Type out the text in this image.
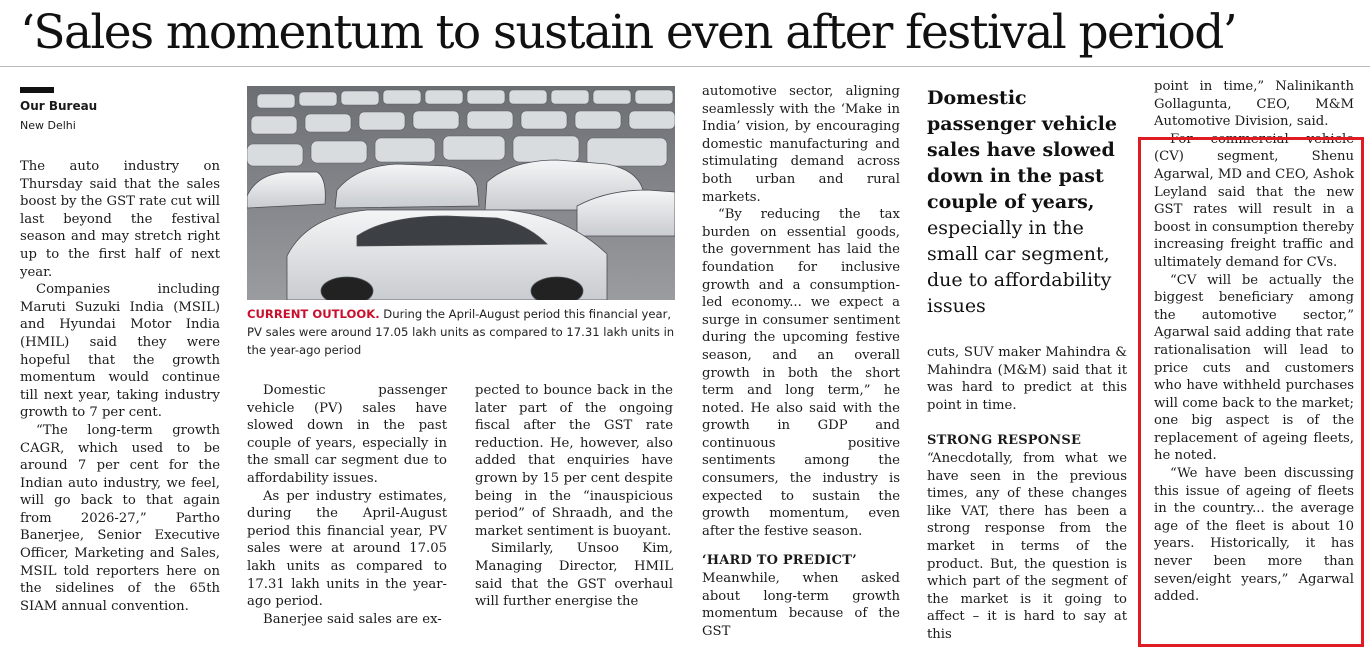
‘Sales momentum to sustain even after festival period’
Our Bureau
New Delhi

The auto industry on Thursday said that the sales boost by the GST rate cut will last beyond the festival season and may stretch right up to the first half of next year.

Companies including Maruti Suzuki India (MSIL) and Hyundai Motor India (HMIL) said they were hopeful that the growth momentum would continue till next year, taking industry growth to 7 per cent.

“The long-term growth CAGR, which used to be around 7 per cent for the Indian auto industry, we feel, will go back to that again from 2026-27,” Partho Banerjee, Senior Executive Officer, Marketing and Sales, MSIL told reporters here on the sidelines of the 65th SIAM annual convention.

CURRENT OUTLOOK. During the April-August period this financial year, PV sales were around 17.05 lakh units as compared to 17.31 lakh units in the year-ago period

Domestic passenger vehicle (PV) sales have slowed down in the past couple of years, especially in the small car segment due to affordability issues.

As per industry estimates, during the April-August period this financial year, PV sales were at around 17.05 lakh units as compared to 17.31 lakh units in the year-ago period.

Banerjee said sales are ex-

pected to bounce back in the later part of the ongoing fiscal after the GST rate reduction. He, however, also added that enquiries have grown by 15 per cent despite being in the “inauspicious period” of Shraadh, and the market sentiment is buoyant.

Similarly, Unsoo Kim, Managing Director, HMIL said that the GST overhaul will further energise the

automotive sector, aligning seamlessly with the ‘Make in India’ vision, by encouraging domestic manufacturing and stimulating demand across both urban and rural markets.

“By reducing the tax burden on essential goods, the government has laid the foundation for inclusive growth and a consumption-led economy... we expect a surge in consumer sentiment during the upcoming festive season, and an overall growth in both the short term and long term,” he noted. He also said with the growth in GDP and continuous positive sentiments among the consumers, the industry is expected to sustain the growth momentum, even after the festive season.

‘HARD TO PREDICT’

Meanwhile, when asked about long-term growth momentum because of the GST

Domestic passenger vehicle sales have slowed down in the past couple of years, especially in the small car segment, due to affordability issues

cuts, SUV maker Mahindra & Mahindra (M&M) said that it was hard to predict at this point in time.

STRONG RESPONSE

“Anecdotally, from what we have seen in the previous times, any of these changes like VAT, there has been a strong response from the market in terms of the product. But, the question is which part of the segment of the market is it going to affect – it is hard to say at this

point in time,” Nalinikanth Gollagunta, CEO, M&M Automotive Division, said.

For commercial vehicle (CV) segment, Shenu Agarwal, MD and CEO, Ashok Leyland said that the new GST rates will result in a boost in consumption thereby increasing freight traffic and ultimately demand for CVs.

“CV will be actually the biggest beneficiary among the automotive sector,” Agarwal said adding that rate rationalisation will lead to price cuts and customers who have withheld purchases will come back to the market; one big aspect is of the replacement of ageing fleets, he noted.

“We have been discussing this issue of ageing of fleets in the country... the average age of the fleet is about 10 years. Historically, it has never been more than seven/eight years,” Agarwal added.
